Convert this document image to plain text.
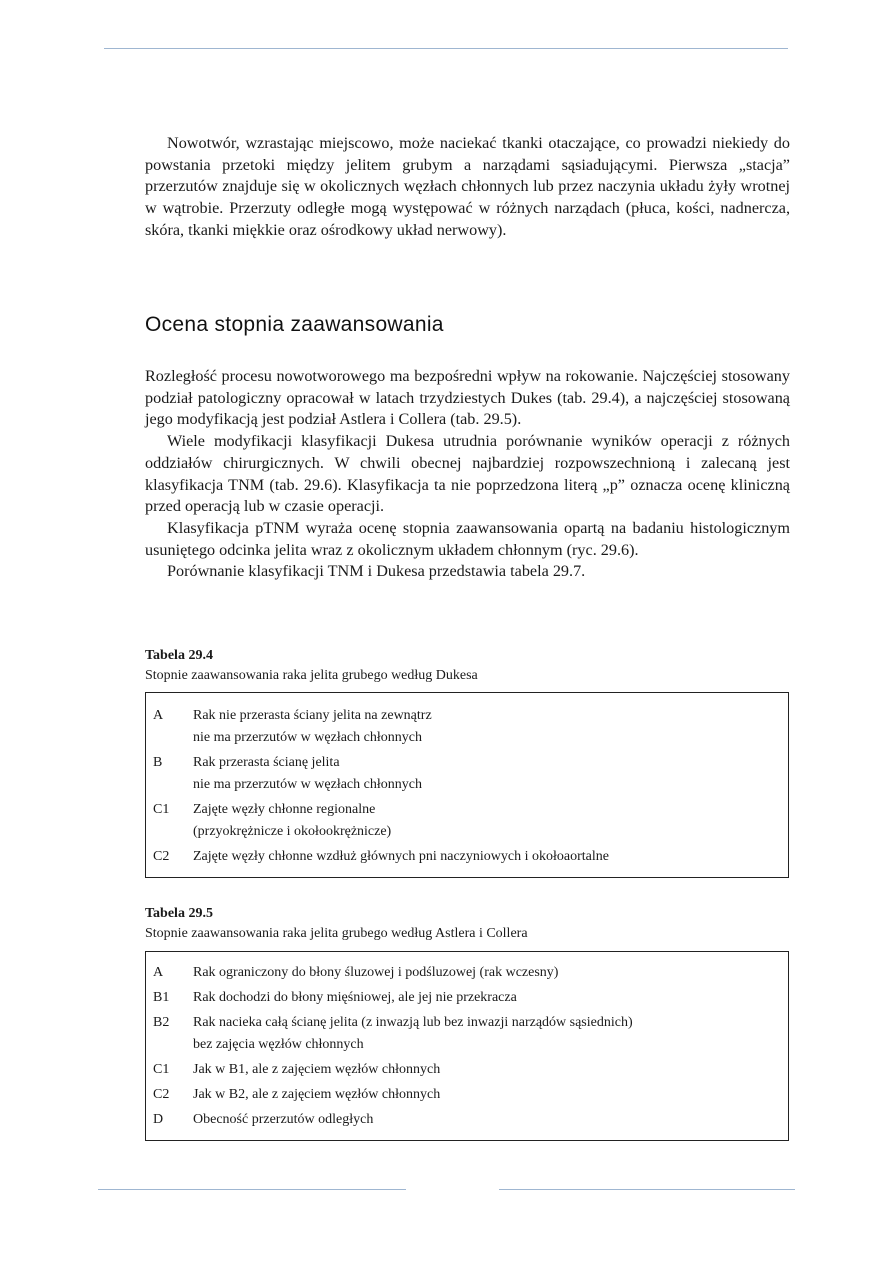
Nowotwór, wzrastając miejscowo, może naciekać tkanki otaczające, co prowadzi niekiedy do powstania przetoki między jelitem grubym a narządami sąsiadującymi. Pierwsza „stacja” przerzutów znajduje się w okolicznych węzłach chłonnych lub przez naczynia układu żyły wrotnej w wątrobie. Przerzuty odległe mogą występować w różnych narządach (płuca, kości, nadnercza, skóra, tkanki miękkie oraz ośrodkowy układ nerwowy).

Ocena stopnia zaawansowania

Rozległość procesu nowotworowego ma bezpośredni wpływ na rokowanie. Najczęściej stosowany podział patologiczny opracował w latach trzydziestych Dukes (tab. 29.4), a najczęściej stosowaną jego modyfikacją jest podział Astlera i Collera (tab. 29.5).

Wiele modyfikacji klasyfikacji Dukesa utrudnia porównanie wyników operacji z różnych oddziałów chirurgicznych. W chwili obecnej najbardziej rozpowszechnioną i zalecaną jest klasyfikacja TNM (tab. 29.6). Klasyfikacja ta nie poprzedzona literą „p” oznacza ocenę kliniczną przed operacją lub w czasie operacji.

Klasyfikacja pTNM wyraża ocenę stopnia zaawansowania opartą na badaniu histologicznym usuniętego odcinka jelita wraz z okolicznym układem chłonnym (ryc. 29.6).

Porównanie klasyfikacji TNM i Dukesa przedstawia tabela 29.7.

Tabela 29.4
Stopnie zaawansowania raka jelita grubego według Dukesa
A	Rak nie przerasta ściany jelita na zewnątrz
nie ma przerzutów w węzłach chłonnych
B	Rak przerasta ścianę jelita
nie ma przerzutów w węzłach chłonnych
C1	Zajęte węzły chłonne regionalne
(przyokrężnicze i okołookrężnicze)
C2	Zajęte węzły chłonne wzdłuż głównych pni naczyniowych i okołoaortalne
Tabela 29.5
Stopnie zaawansowania raka jelita grubego według Astlera i Collera
A	Rak ograniczony do błony śluzowej i podśluzowej (rak wczesny)
B1	Rak dochodzi do błony mięśniowej, ale jej nie przekracza
B2	Rak nacieka całą ścianę jelita (z inwazją lub bez inwazji narządów sąsiednich)
bez zajęcia węzłów chłonnych
C1	Jak w B1, ale z zajęciem węzłów chłonnych
C2	Jak w B2, ale z zajęciem węzłów chłonnych
D	Obecność przerzutów odległych
